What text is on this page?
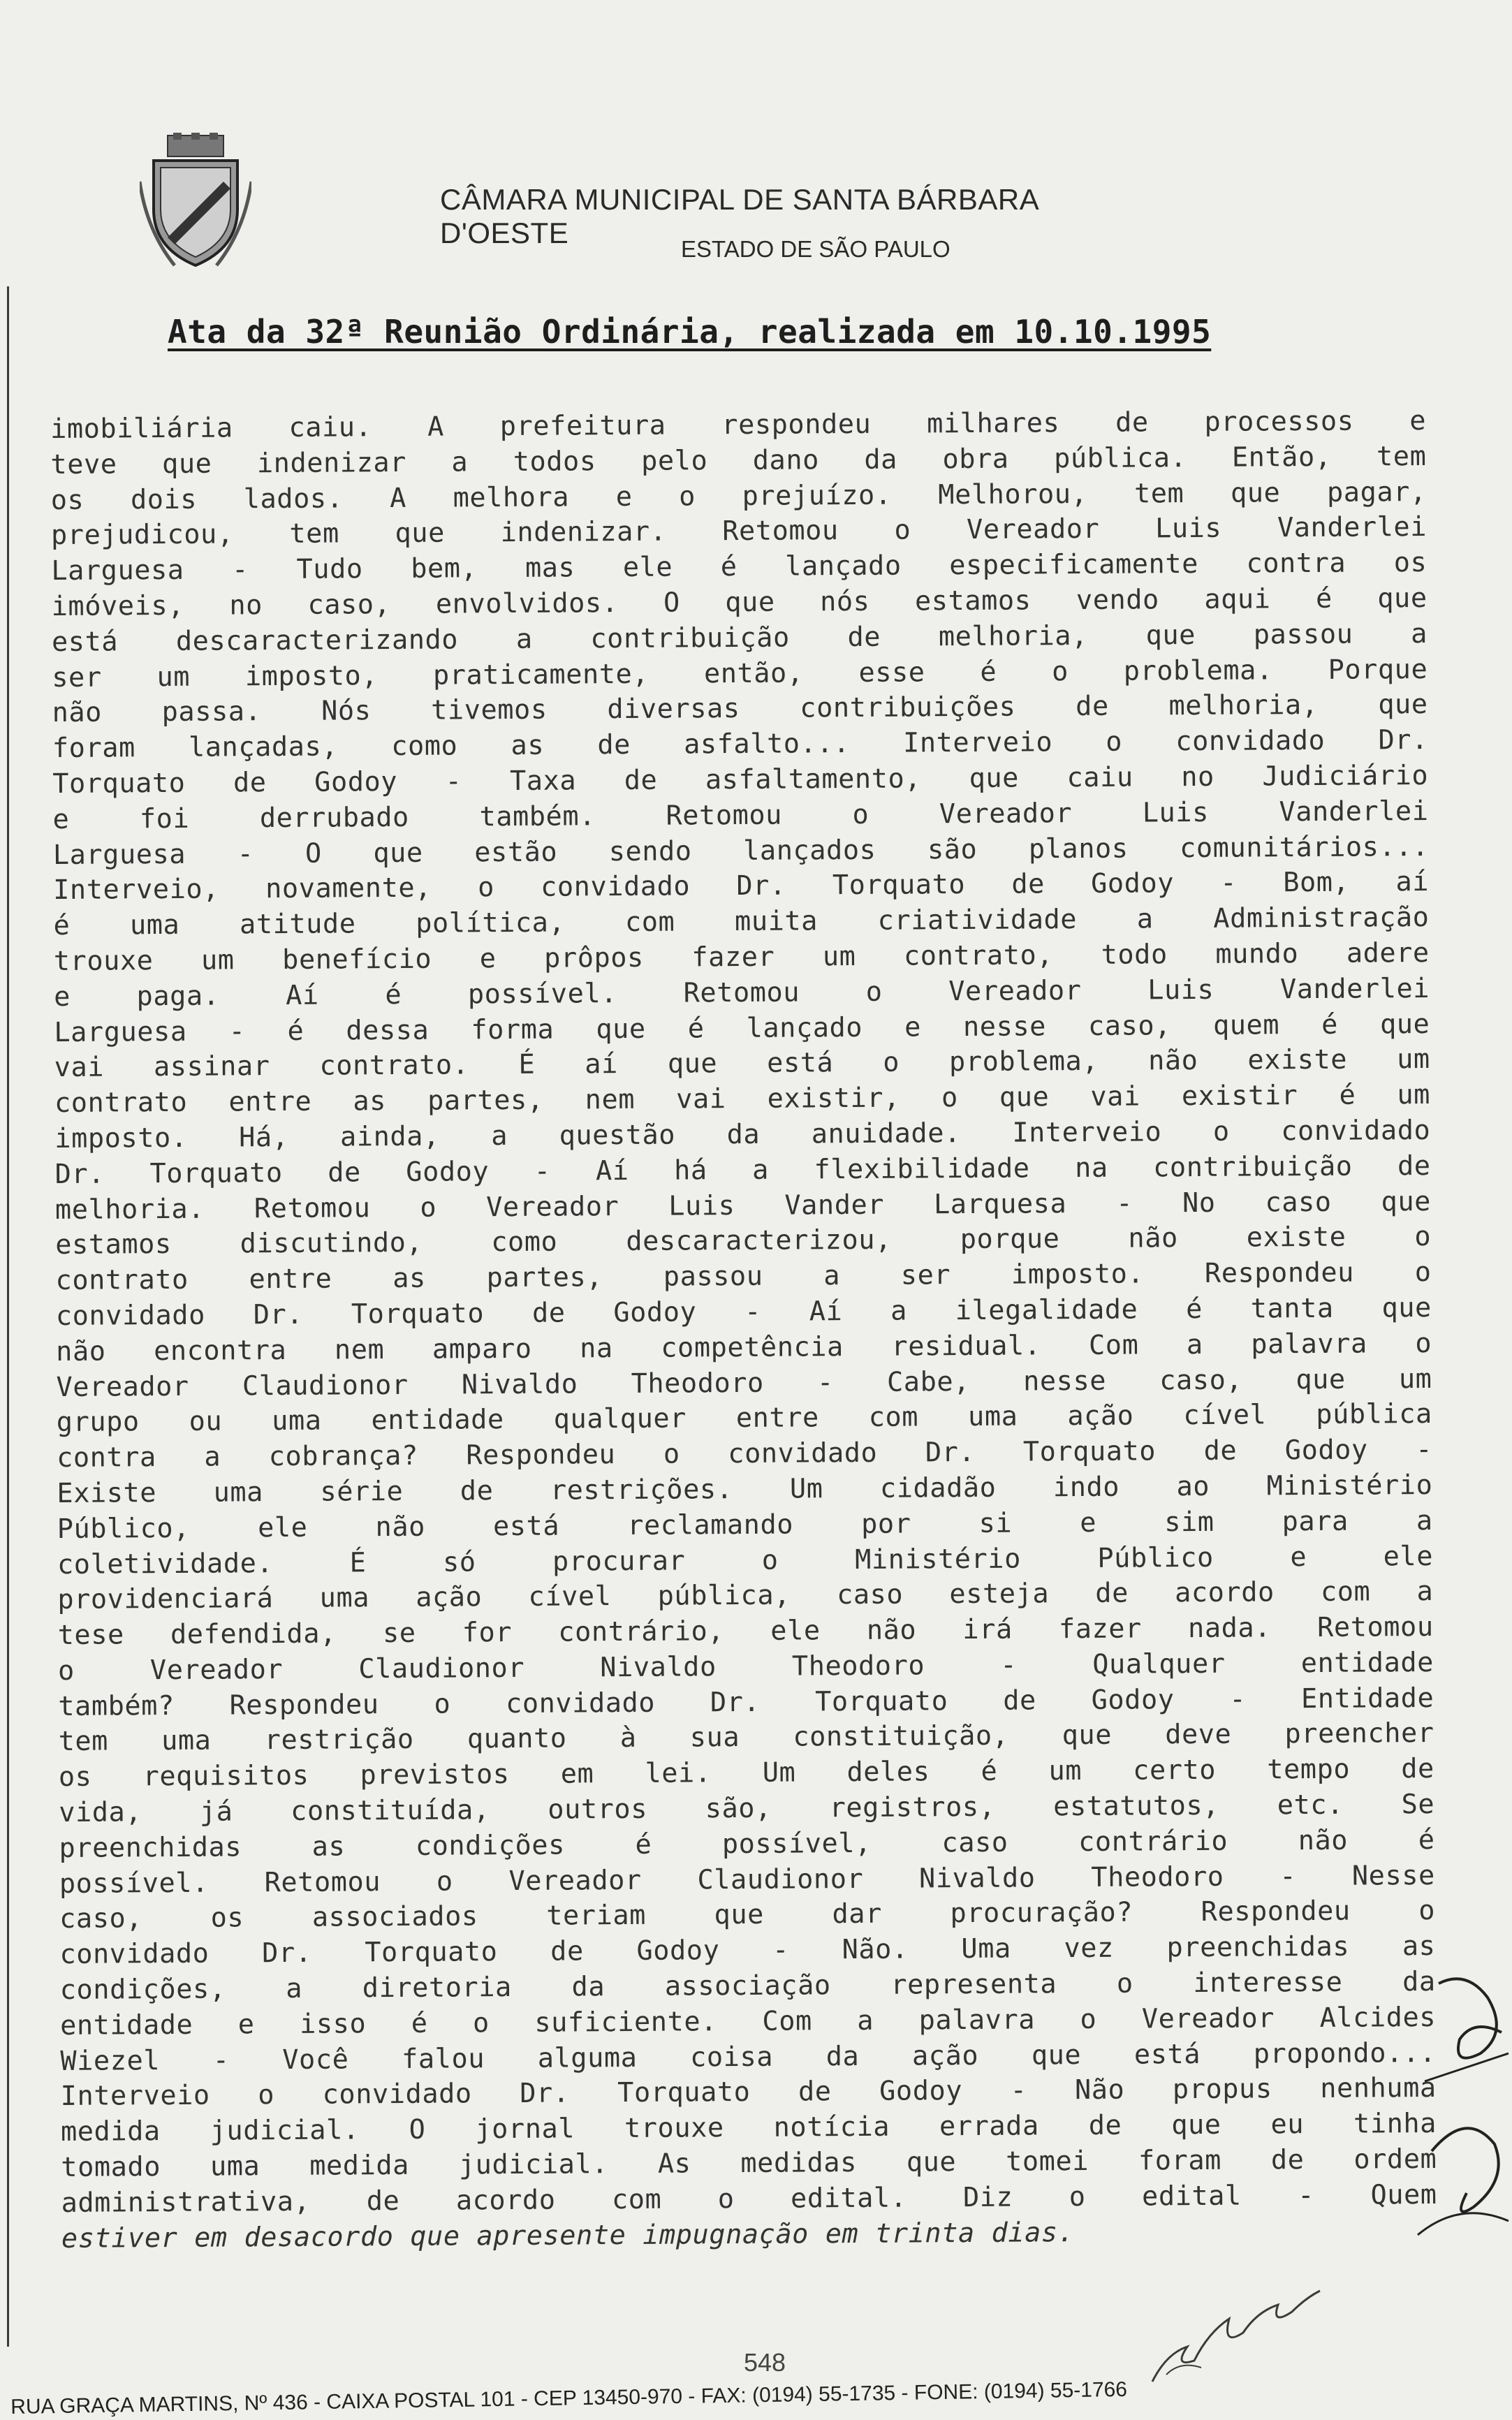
CÂMARA MUNICIPAL DE SANTA BÁRBARA D'OESTE	ESTADO DE SÃO PAULO
Ata da 32ª Reunião Ordinária, realizada em 10.10.1995
imobiliária caiu. A prefeitura respondeu milhares de processos e
teve que indenizar a todos pelo dano da obra pública. Então, tem
os dois lados. A melhora e o prejuízo. Melhorou, tem que pagar,
prejudicou, tem que indenizar. Retomou o Vereador Luis Vanderlei
Larguesa - Tudo bem, mas ele é lançado especificamente contra os
imóveis, no caso, envolvidos. O que nós estamos vendo aqui é que
está descaracterizando a contribuição de melhoria, que passou a
ser um imposto, praticamente, então, esse é o problema. Porque
não passa. Nós tivemos diversas contribuições de melhoria, que
foram lançadas, como as de asfalto... Interveio o convidado Dr.
Torquato de Godoy - Taxa de asfaltamento, que caiu no Judiciário
e foi derrubado também. Retomou o Vereador Luis Vanderlei
Larguesa - O que estão sendo lançados são planos comunitários...
Interveio, novamente, o convidado Dr. Torquato de Godoy - Bom, aí
é uma atitude política, com muita criatividade a Administração
trouxe um benefício e prôpos fazer um contrato, todo mundo adere
e paga. Aí é possível. Retomou o Vereador Luis Vanderlei
Larguesa - é dessa forma que é lançado e nesse caso, quem é que
vai assinar contrato. É aí que está o problema, não existe um
contrato entre as partes, nem vai existir, o que vai existir é um
imposto. Há, ainda, a questão da anuidade. Interveio o convidado
Dr. Torquato de Godoy - Aí há a flexibilidade na contribuição de
melhoria. Retomou o Vereador Luis Vander Larquesa - No caso que
estamos discutindo, como descaracterizou, porque não existe o
contrato entre as partes, passou a ser imposto. Respondeu o
convidado Dr. Torquato de Godoy - Aí a ilegalidade é tanta que
não encontra nem amparo na competência residual. Com a palavra o
Vereador Claudionor Nivaldo Theodoro - Cabe, nesse caso, que um
grupo ou uma entidade qualquer entre com uma ação cível pública
contra a cobrança? Respondeu o convidado Dr. Torquato de Godoy -
Existe uma série de restrições. Um cidadão indo ao Ministério
Público, ele não está reclamando por si e sim para a
coletividade. É só procurar o Ministério Público e ele
providenciará uma ação cível pública, caso esteja de acordo com a
tese defendida, se for contrário, ele não irá fazer nada. Retomou
o Vereador Claudionor Nivaldo Theodoro - Qualquer entidade
também? Respondeu o convidado Dr. Torquato de Godoy - Entidade
tem uma restrição quanto à sua constituição, que deve preencher
os requisitos previstos em lei. Um deles é um certo tempo de
vida, já constituída, outros são, registros, estatutos, etc. Se
preenchidas as condições é possível, caso contrário não é
possível. Retomou o Vereador Claudionor Nivaldo Theodoro - Nesse
caso, os associados teriam que dar procuração? Respondeu o
convidado Dr. Torquato de Godoy - Não. Uma vez preenchidas as
condições, a diretoria da associação representa o interesse da
entidade e isso é o suficiente. Com a palavra o Vereador Alcides
Wiezel - Você falou alguma coisa da ação que está propondo...
Interveio o convidado Dr. Torquato de Godoy - Não propus nenhuma
medida judicial. O jornal trouxe notícia errada de que eu tinha
tomado uma medida judicial. As medidas que tomei foram de ordem
administrativa, de acordo com o edital. Diz o edital - Quem
estiver em desacordo que apresente impugnação em trinta dias.
548
RUA GRAÇA MARTINS, Nº 436 - CAIXA POSTAL 101 - CEP 13450-970 - FAX: (0194) 55-1735 - FONE: (0194) 55-1766
